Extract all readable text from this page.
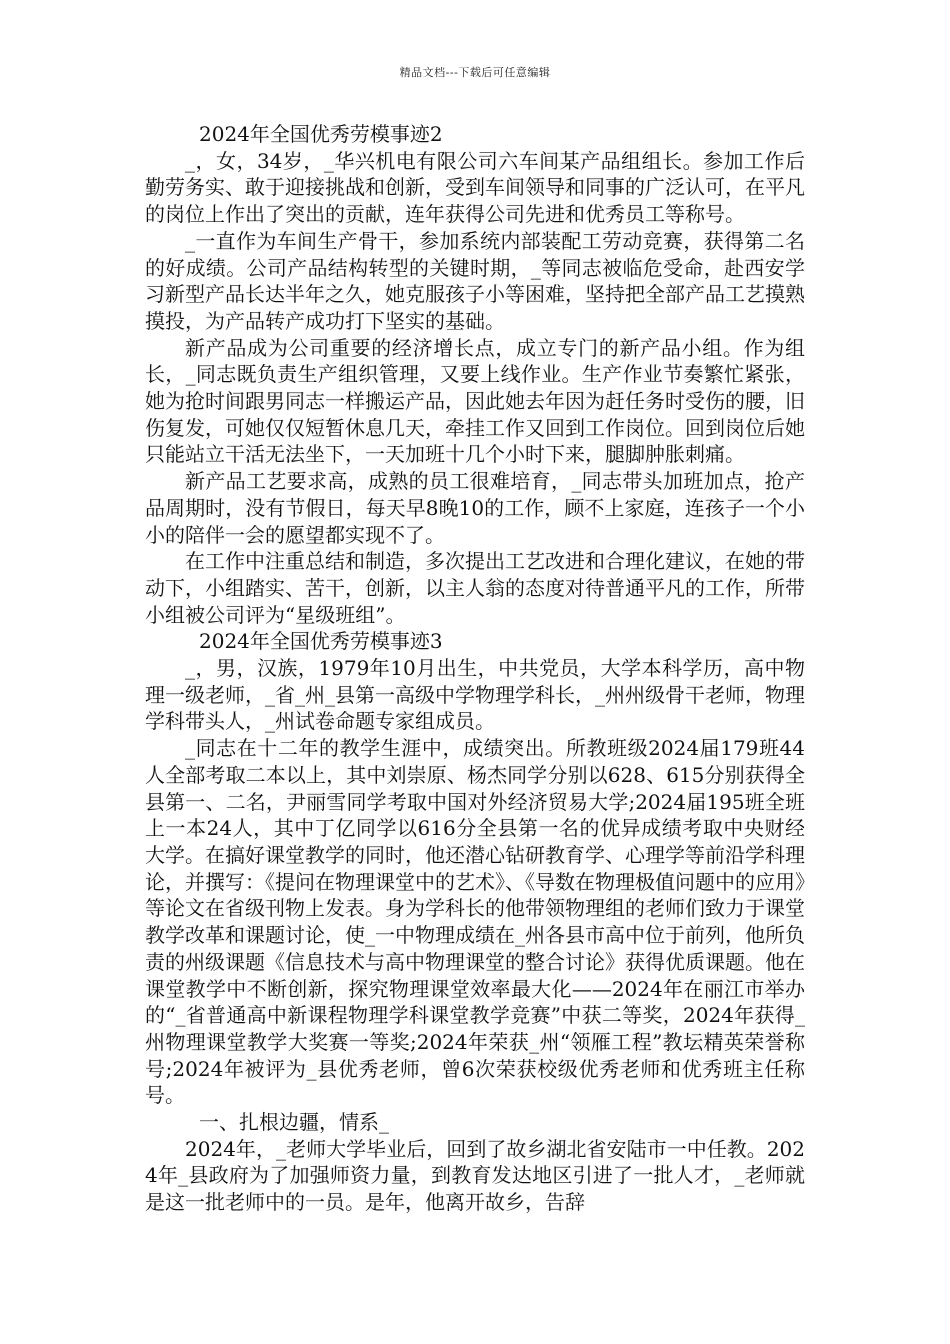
精品文档---下载后可任意编辑

2024年全国优秀劳模事迹2

_，女，34岁，_华兴机电有限公司六车间某产品组组长。参加工作后勤劳务实、敢于迎接挑战和创新，受到车间领导和同事的广泛认可，在平凡的岗位上作出了突出的贡献，连年获得公司先进和优秀员工等称号。

_一直作为车间生产骨干，参加系统内部装配工劳动竞赛，获得第二名的好成绩。公司产品结构转型的关键时期，_等同志被临危受命，赴西安学习新型产品长达半年之久，她克服孩子小等困难，坚持把全部产品工艺摸熟摸投，为产品转产成功打下坚实的基础。

新产品成为公司重要的经济增长点，成立专门的新产品小组。作为组长，_同志既负责生产组织管理，又要上线作业。生产作业节奏繁忙紧张，她为抢时间跟男同志一样搬运产品，因此她去年因为赶任务时受伤的腰，旧伤复发，可她仅仅短暂休息几天，牵挂工作又回到工作岗位。回到岗位后她只能站立干活无法坐下，一天加班十几个小时下来，腿脚肿胀刺痛。

新产品工艺要求高，成熟的员工很难培育，_同志带头加班加点，抢产品周期时，没有节假日，每天早8晚10的工作，顾不上家庭，连孩子一个小小的陪伴一会的愿望都实现不了。

在工作中注重总结和制造，多次提出工艺改进和合理化建议，在她的带动下，小组踏实、苦干，创新，以主人翁的态度对待普通平凡的工作，所带小组被公司评为“星级班组”。

2024年全国优秀劳模事迹3

_，男，汉族，1979年10月出生，中共党员，大学本科学历，高中物理一级老师，_省_州_县第一高级中学物理学科长，_州州级骨干老师，物理学科带头人，_州试卷命题专家组成员。

_同志在十二年的教学生涯中，成绩突出。所教班级2024届179班44人全部考取二本以上，其中刘崇原、杨杰同学分别以628、615分别获得全县第一、二名，尹丽雪同学考取中国对外经济贸易大学;2024届195班全班上一本24人，其中丁亿同学以616分全县第一名的优异成绩考取中央财经大学。在搞好课堂教学的同时，他还潜心钻研教育学、心理学等前沿学科理论，并撰写：《提问在物理课堂中的艺术》、《导数在物理极值问题中的应用》等论文在省级刊物上发表。身为学科长的他带领物理组的老师们致力于课堂教学改革和课题讨论，使_一中物理成绩在_州各县市高中位于前列，他所负责的州级课题《信息技术与高中物理课堂的整合讨论》获得优质课题。他在课堂教学中不断创新，探究物理课堂效率最大化——2024年在丽江市举办的“_省普通高中新课程物理学科课堂教学竞赛”中获二等奖，2024年获得_州物理课堂教学大奖赛一等奖;2024年荣获_州“领雁工程”教坛精英荣誉称号;2024年被评为_县优秀老师，曾6次荣获校级优秀老师和优秀班主任称号。

一、扎根边疆，情系_

2024年，_老师大学毕业后，回到了故乡湖北省安陆市一中任教。2024年_县政府为了加强师资力量，到教育发达地区引进了一批人才，_老师就是这一批老师中的一员。是年，他离开故乡，告辞
